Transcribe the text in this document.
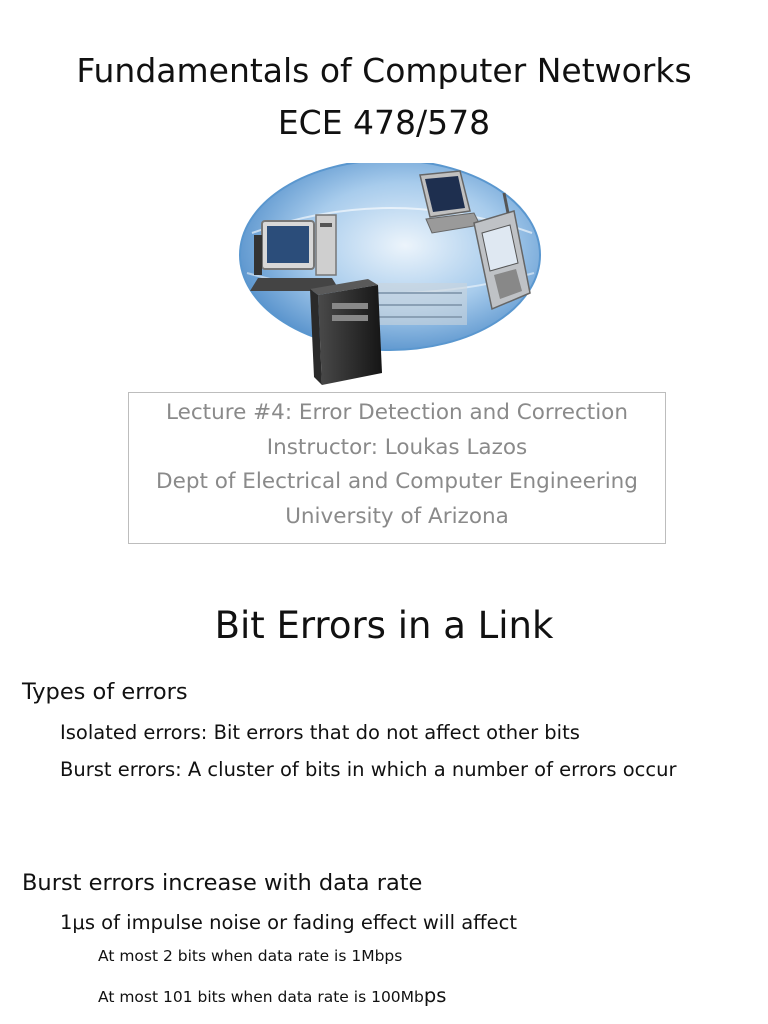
Fundamentals of Computer Networks
ECE 478/578
Lecture #4: Error Detection and Correction
Instructor: Loukas Lazos
Dept of Electrical and Computer Engineering
University of Arizona
Bit Errors in a Link
Types of errors
Isolated errors: Bit errors that do not affect other bits
Burst errors: A cluster of bits in which a number of errors occur
Burst errors increase with data rate
1μs of impulse noise or fading effect will affect
At most 2 bits when data rate is 1Mbps
At most 101 bits when data rate is 100Mbps
